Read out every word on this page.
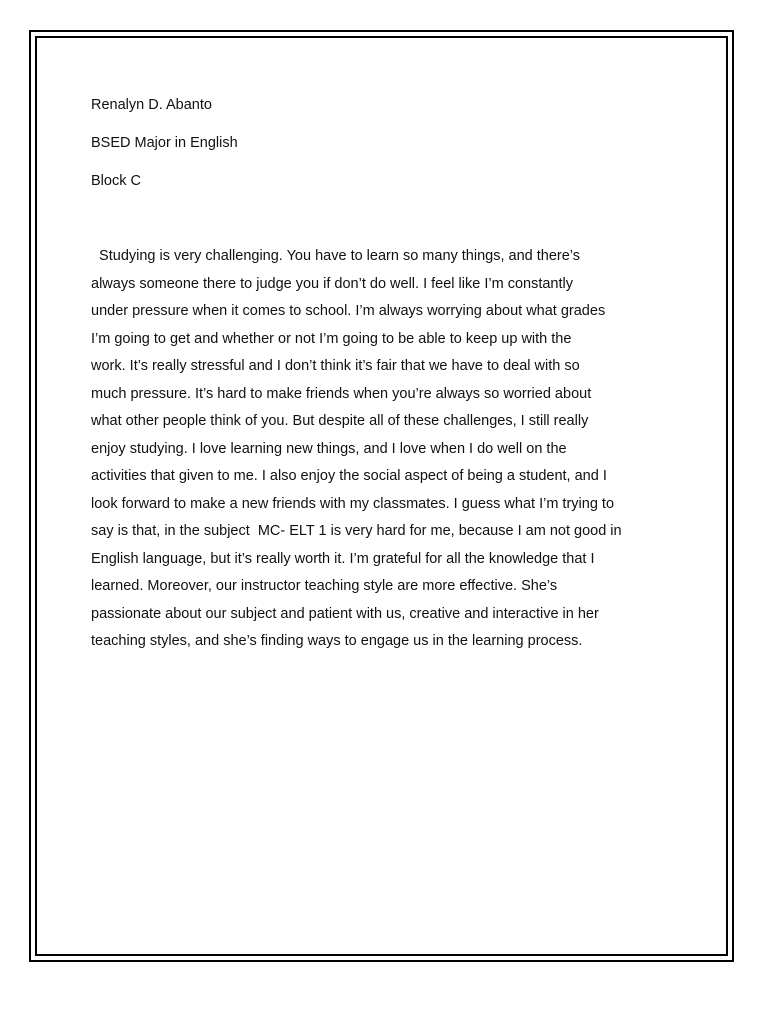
Renalyn D. Abanto

BSED Major in English

Block C

Studying is very challenging. You have to learn so many things, and there’s
always someone there to judge you if don’t do well. I feel like I’m constantly
under pressure when it comes to school. I’m always worrying about what grades
I’m going to get and whether or not I’m going to be able to keep up with the
work. It’s really stressful and I don’t think it’s fair that we have to deal with so
much pressure. It’s hard to make friends when you’re always so worried about
what other people think of you. But despite all of these challenges, I still really
enjoy studying. I love learning new things, and I love when I do well on the
activities that given to me. I also enjoy the social aspect of being a student, and I
look forward to make a new friends with my classmates. I guess what I’m trying to
say is that, in the subject  MC- ELT 1 is very hard for me, because I am not good in
English language, but it’s really worth it. I’m grateful for all the knowledge that I
learned. Moreover, our instructor teaching style are more effective. She’s
passionate about our subject and patient with us, creative and interactive in her
teaching styles, and she’s finding ways to engage us in the learning process.
